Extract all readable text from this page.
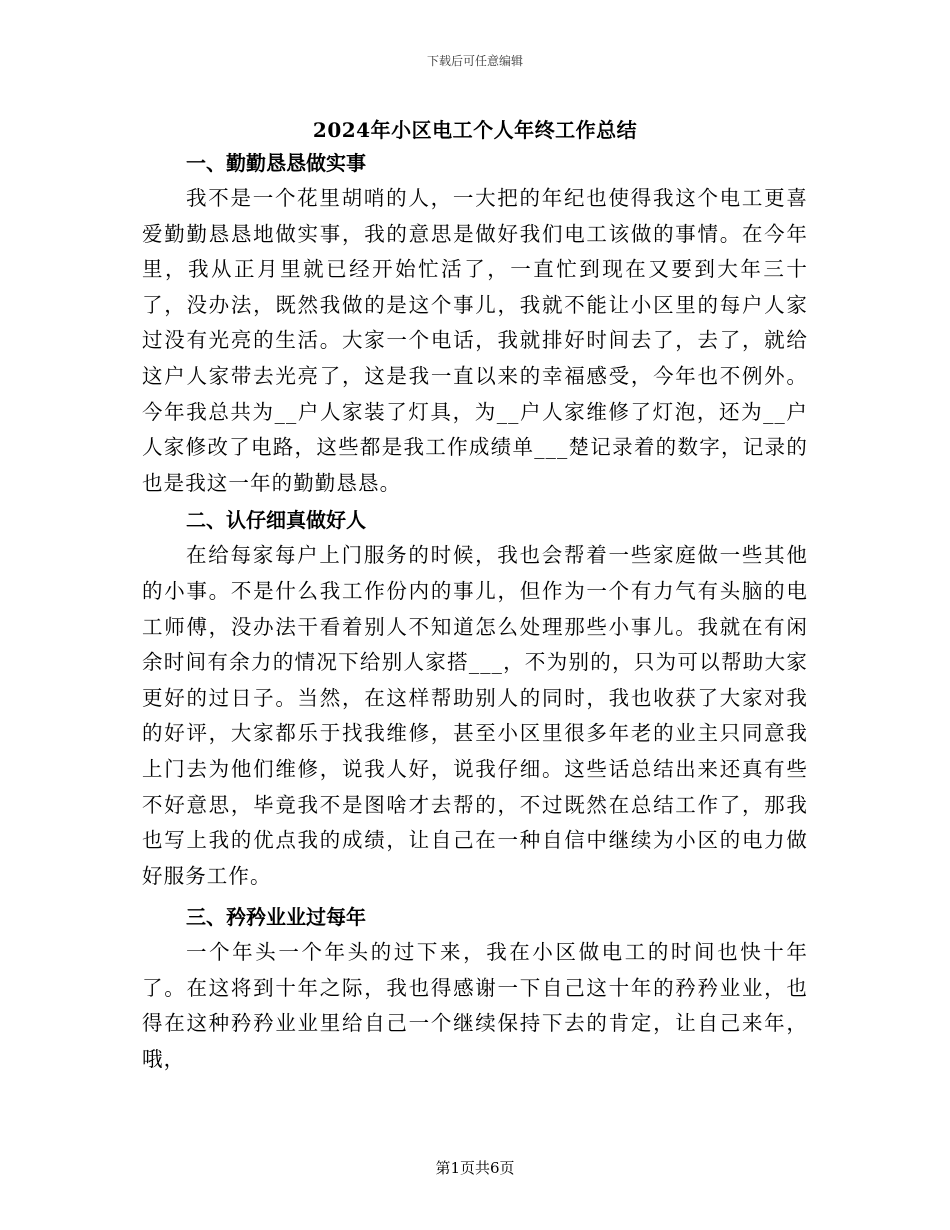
下载后可任意编辑
2024年小区电工个人年终工作总结

一、勤勤恳恳做实事

我不是一个花里胡哨的人，一大把的年纪也使得我这个电工更喜爱勤勤恳恳地做实事，我的意思是做好我们电工该做的事情。在今年里，我从正月里就已经开始忙活了，一直忙到现在又要到大年三十了，没办法，既然我做的是这个事儿，我就不能让小区里的每户人家过没有光亮的生活。大家一个电话，我就排好时间去了，去了，就给这户人家带去光亮了，这是我一直以来的幸福感受，今年也不例外。今年我总共为__户人家装了灯具，为__户人家维修了灯泡，还为__户人家修改了电路，这些都是我工作成绩单___楚记录着的数字，记录的也是我这一年的勤勤恳恳。

二、认仔细真做好人

在给每家每户上门服务的时候，我也会帮着一些家庭做一些其他的小事。不是什么我工作份内的事儿，但作为一个有力气有头脑的电工师傅，没办法干看着别人不知道怎么处理那些小事儿。我就在有闲余时间有余力的情况下给别人家搭___，不为别的，只为可以帮助大家更好的过日子。当然，在这样帮助别人的同时，我也收获了大家对我的好评，大家都乐于找我维修，甚至小区里很多年老的业主只同意我上门去为他们维修，说我人好，说我仔细。这些话总结出来还真有些不好意思，毕竟我不是图啥才去帮的，不过既然在总结工作了，那我也写上我的优点我的成绩，让自己在一种自信中继续为小区的电力做好服务工作。

三、矜矜业业过每年

一个年头一个年头的过下来，我在小区做电工的时间也快十年了。在这将到十年之际，我也得感谢一下自己这十年的矜矜业业，也得在这种矜矜业业里给自己一个继续保持下去的肯定，让自己来年，哦，

第1页共6页
